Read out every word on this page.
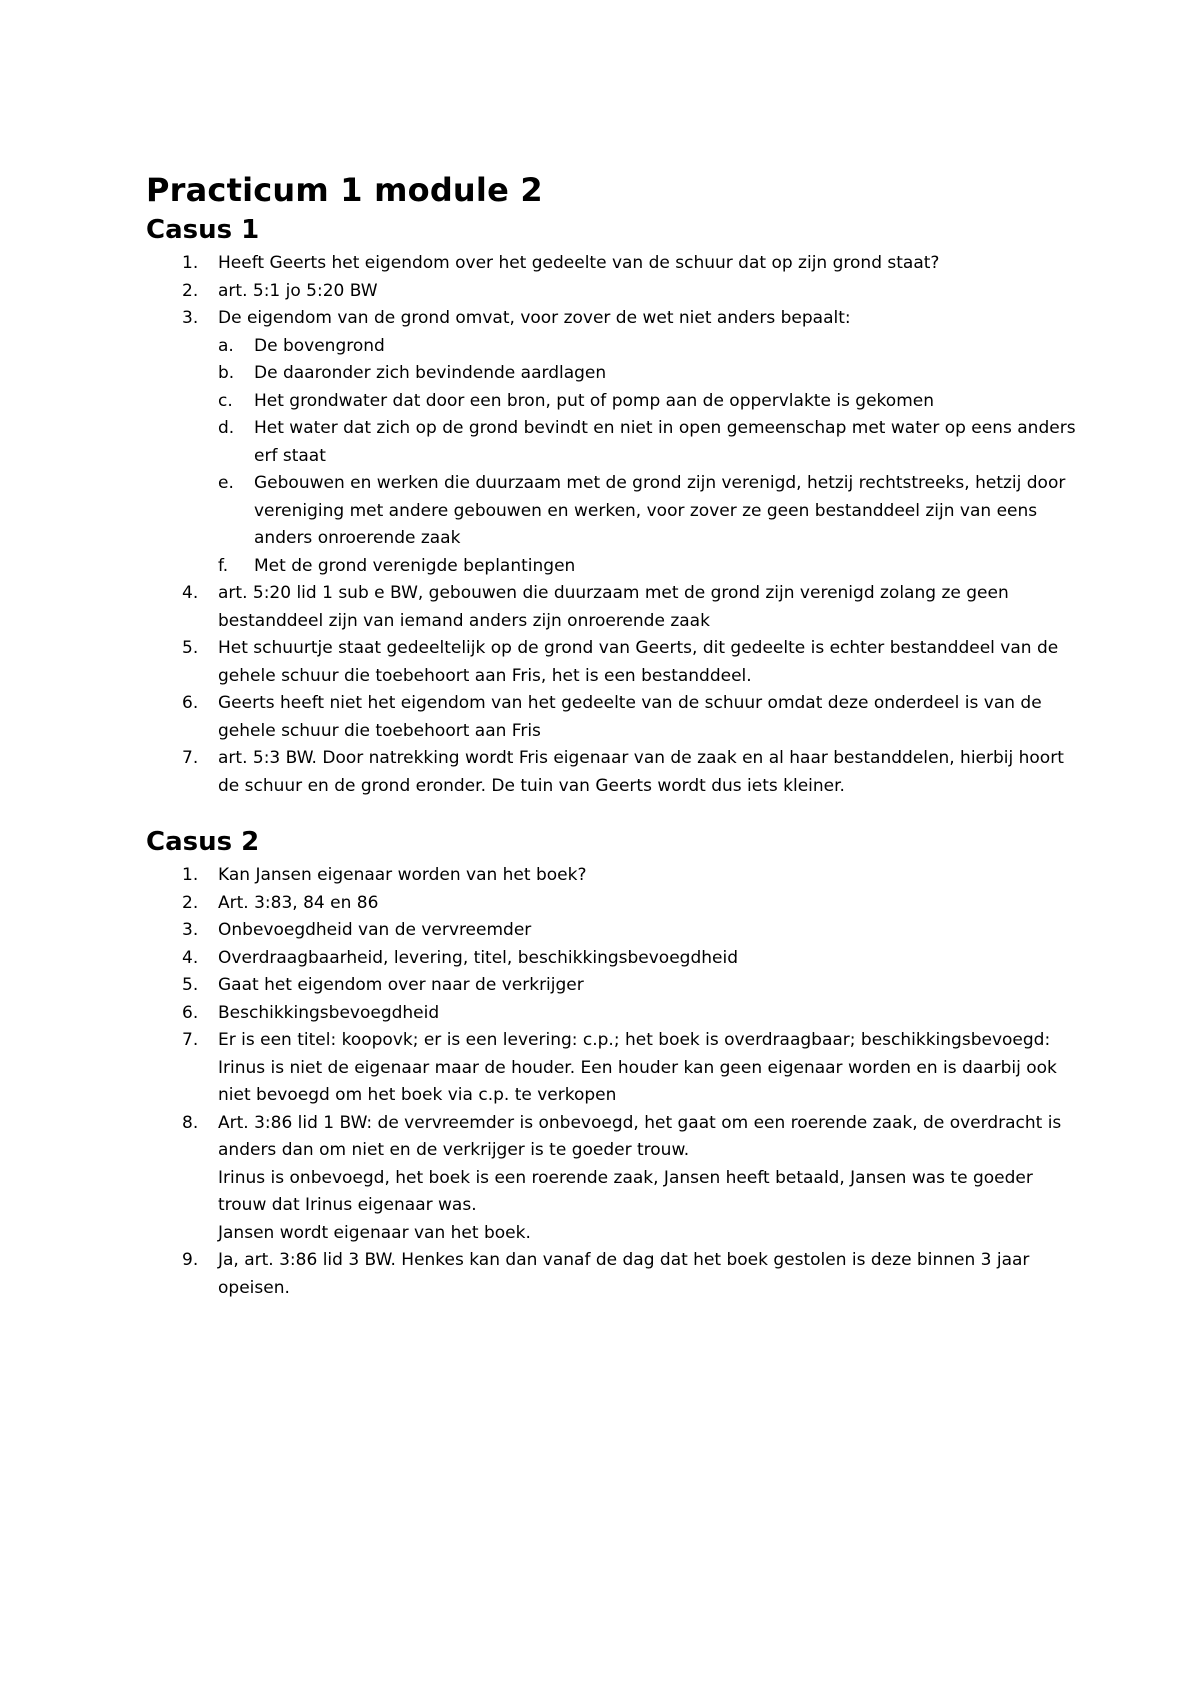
Practicum 1 module 2
Casus 1
1.	Heeft Geerts het eigendom over het gedeelte van de schuur dat op zijn grond staat?
2.	art. 5:1 jo 5:20 BW
3.	De eigendom van de grond omvat, voor zover de wet niet anders bepaalt:
a. De bovengrond
b. De daaronder zich bevindende aardlagen
c. Het grondwater dat door een bron, put of pomp aan de oppervlakte is gekomen
d. Het water dat zich op de grond bevindt en niet in open gemeenschap met water op eens anders erf staat
e. Gebouwen en werken die duurzaam met de grond zijn verenigd, hetzij rechtstreeks, hetzij door vereniging met andere gebouwen en werken, voor zover ze geen bestanddeel zijn van eens anders onroerende zaak
f. Met de grond verenigde beplantingen
4.	art. 5:20 lid 1 sub e BW, gebouwen die duurzaam met de grond zijn verenigd zolang ze geen bestanddeel zijn van iemand anders zijn onroerende zaak
5.	Het schuurtje staat gedeeltelijk op de grond van Geerts, dit gedeelte is echter bestanddeel van de gehele schuur die toebehoort aan Fris, het is een bestanddeel.
6.	Geerts heeft niet het eigendom van het gedeelte van de schuur omdat deze onderdeel is van de gehele schuur die toebehoort aan Fris
7.	art. 5:3 BW. Door natrekking wordt Fris eigenaar van de zaak en al haar bestanddelen, hierbij hoort de schuur en de grond eronder. De tuin van Geerts wordt dus iets kleiner.
Casus 2
1.	Kan Jansen eigenaar worden van het boek?
2.	Art. 3:83, 84 en 86
3.	Onbevoegdheid van de vervreemder
4.	Overdraagbaarheid, levering, titel, beschikkingsbevoegdheid
5.	Gaat het eigendom over naar de verkrijger
6.	Beschikkingsbevoegdheid
7.	Er is een titel: koopovk; er is een levering: c.p.; het boek is overdraagbaar; beschikkingsbevoegd: Irinus is niet de eigenaar maar de houder. Een houder kan geen eigenaar worden en is daarbij ook niet bevoegd om het boek via c.p. te verkopen
8.	Art. 3:86 lid 1 BW: de vervreemder is onbevoegd, het gaat om een roerende zaak, de overdracht is anders dan om niet en de verkrijger is te goeder trouw.
Irinus is onbevoegd, het boek is een roerende zaak, Jansen heeft betaald, Jansen was te goeder trouw dat Irinus eigenaar was.
Jansen wordt eigenaar van het boek.
9.	Ja, art. 3:86 lid 3 BW. Henkes kan dan vanaf de dag dat het boek gestolen is deze binnen 3 jaar opeisen.
